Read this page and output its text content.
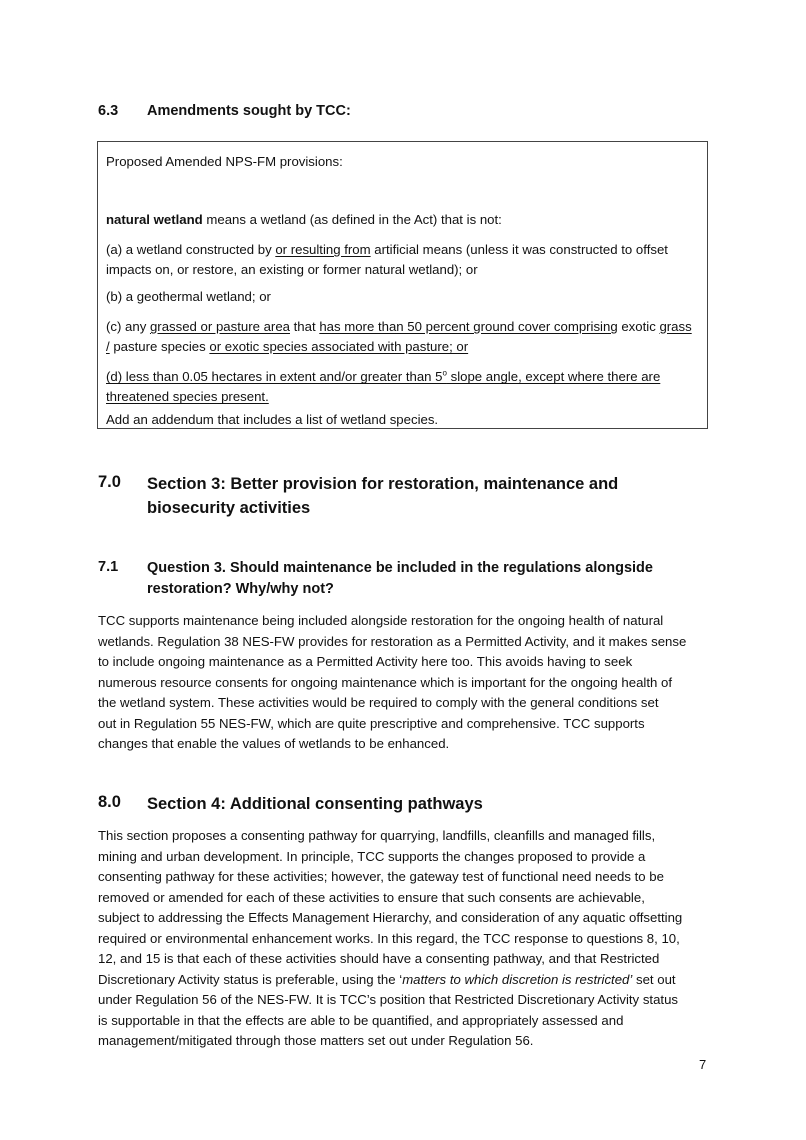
6.3 Amendments sought by TCC:
Proposed Amended NPS-FM provisions:
natural wetland means a wetland (as defined in the Act) that is not:
(a) a wetland constructed by or resulting from artificial means (unless it was constructed to offset impacts on, or restore, an existing or former natural wetland); or
(b) a geothermal wetland; or
(c) any grassed or pasture area that has more than 50 percent ground cover comprising exotic grass / pasture species or exotic species associated with pasture; or
(d) less than 0.05 hectares in extent and/or greater than 5$^o$ slope angle, except where there are threatened species present.
Add an addendum that includes a list of wetland species.
7.0 Section 3: Better provision for restoration, maintenance and
biosecurity activities
7.1 Question 3. Should maintenance be included in the regulations alongside
restoration? Why/why not?
TCC supports maintenance being included alongside restoration for the ongoing health of natural
wetlands. Regulation 38 NES-FW provides for restoration as a Permitted Activity, and it makes sense
to include ongoing maintenance as a Permitted Activity here too. This avoids having to seek
numerous resource consents for ongoing maintenance which is important for the ongoing health of
the wetland system. These activities would be required to comply with the general conditions set
out in Regulation 55 NES-FW, which are quite prescriptive and comprehensive. TCC supports
changes that enable the values of wetlands to be enhanced.
8.0 Section 4: Additional consenting pathways
This section proposes a consenting pathway for quarrying, landfills, cleanfills and managed fills,
mining and urban development. In principle, TCC supports the changes proposed to provide a
consenting pathway for these activities; however, the gateway test of functional need needs to be
removed or amended for each of these activities to ensure that such consents are achievable,
subject to addressing the Effects Management Hierarchy, and consideration of any aquatic offsetting
required or environmental enhancement works. In this regard, the TCC response to questions 8, 10,
12, and 15 is that each of these activities should have a consenting pathway, and that Restricted
Discretionary Activity status is preferable, using the ‘matters to which discretion is restricted’ set out
under Regulation 56 of the NES-FW. It is TCC’s position that Restricted Discretionary Activity status
is supportable in that the effects are able to be quantified, and appropriately assessed and
management/mitigated through those matters set out under Regulation 56.
7
